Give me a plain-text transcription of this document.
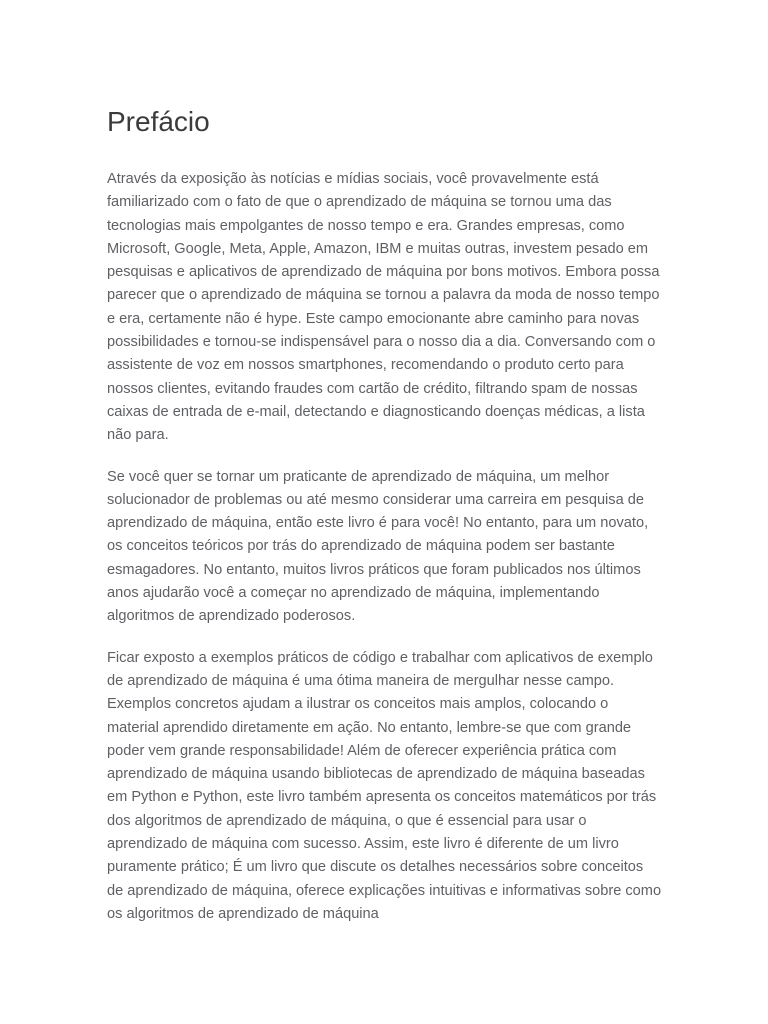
Prefácio

Através da exposição às notícias e mídias sociais, você provavelmente está familiarizado com o fato de que o aprendizado de máquina se tornou uma das tecnologias mais empolgantes de nosso tempo e era. Grandes empresas, como Microsoft, Google, Meta, Apple, Amazon, IBM e muitas outras, investem pesado em pesquisas e aplicativos de aprendizado de máquina por bons motivos. Embora possa parecer que o aprendizado de máquina se tornou a palavra da moda de nosso tempo e era, certamente não é hype. Este campo emocionante abre caminho para novas possibilidades e tornou-se indispensável para o nosso dia a dia. Conversando com o assistente de voz em nossos smartphones, recomendando o produto certo para nossos clientes, evitando fraudes com cartão de crédito, filtrando spam de nossas caixas de entrada de e-mail, detectando e diagnosticando doenças médicas, a lista não para.

Se você quer se tornar um praticante de aprendizado de máquina, um melhor solucionador de problemas ou até mesmo considerar uma carreira em pesquisa de aprendizado de máquina, então este livro é para você! No entanto, para um novato, os conceitos teóricos por trás do aprendizado de máquina podem ser bastante esmagadores. No entanto, muitos livros práticos que foram publicados nos últimos anos ajudarão você a começar no aprendizado de máquina, implementando algoritmos de aprendizado poderosos.

Ficar exposto a exemplos práticos de código e trabalhar com aplicativos de exemplo de aprendizado de máquina é uma ótima maneira de mergulhar nesse campo. Exemplos concretos ajudam a ilustrar os conceitos mais amplos, colocando o material aprendido diretamente em ação. No entanto, lembre-se que com grande poder vem grande responsabilidade! Além de oferecer experiência prática com aprendizado de máquina usando bibliotecas de aprendizado de máquina baseadas em Python e Python, este livro também apresenta os conceitos matemáticos por trás dos algoritmos de aprendizado de máquina, o que é essencial para usar o aprendizado de máquina com sucesso. Assim, este livro é diferente de um livro puramente prático; É um livro que discute os detalhes necessários sobre conceitos de aprendizado de máquina, oferece explicações intuitivas e informativas sobre como os algoritmos de aprendizado de máquina
